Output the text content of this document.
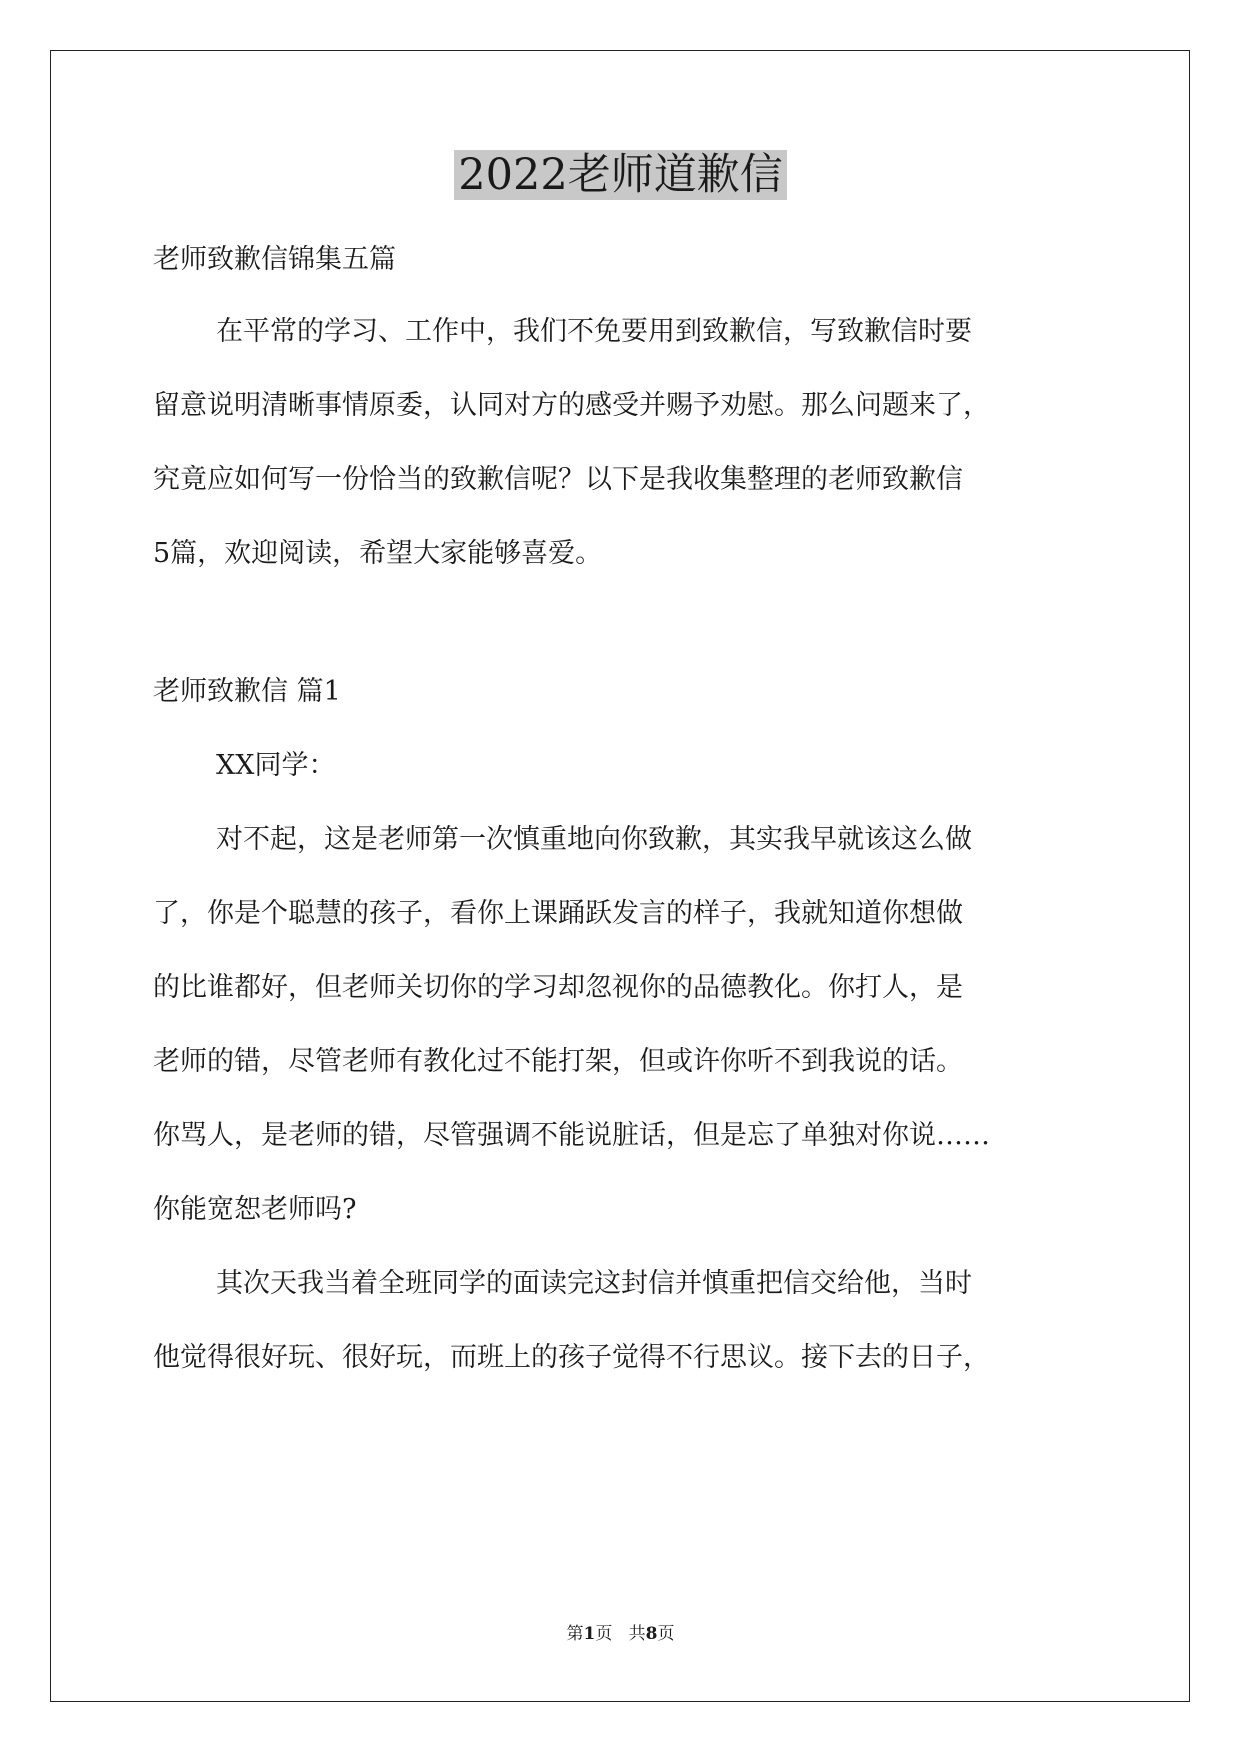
2022老师道歉信
老师致歉信锦集五篇
在平常的学习、工作中，我们不免要用到致歉信，写致歉信时要
留意说明清晰事情原委，认同对方的感受并赐予劝慰。那么问题来了，
究竟应如何写一份恰当的致歉信呢？以下是我收集整理的老师致歉信
5篇，欢迎阅读，希望大家能够喜爱。
老师致歉信 篇1
XX同学：
对不起，这是老师第一次慎重地向你致歉，其实我早就该这么做
了，你是个聪慧的孩子，看你上课踊跃发言的样子，我就知道你想做
的比谁都好，但老师关切你的学习却忽视你的品德教化。你打人，是
老师的错，尽管老师有教化过不能打架，但或许你听不到我说的话。
你骂人，是老师的错，尽管强调不能说脏话，但是忘了单独对你说……
你能宽恕老师吗?
其次天我当着全班同学的面读完这封信并慎重把信交给他，当时
他觉得很好玩、很好玩，而班上的孩子觉得不行思议。接下去的日子，
第1页 共8页
